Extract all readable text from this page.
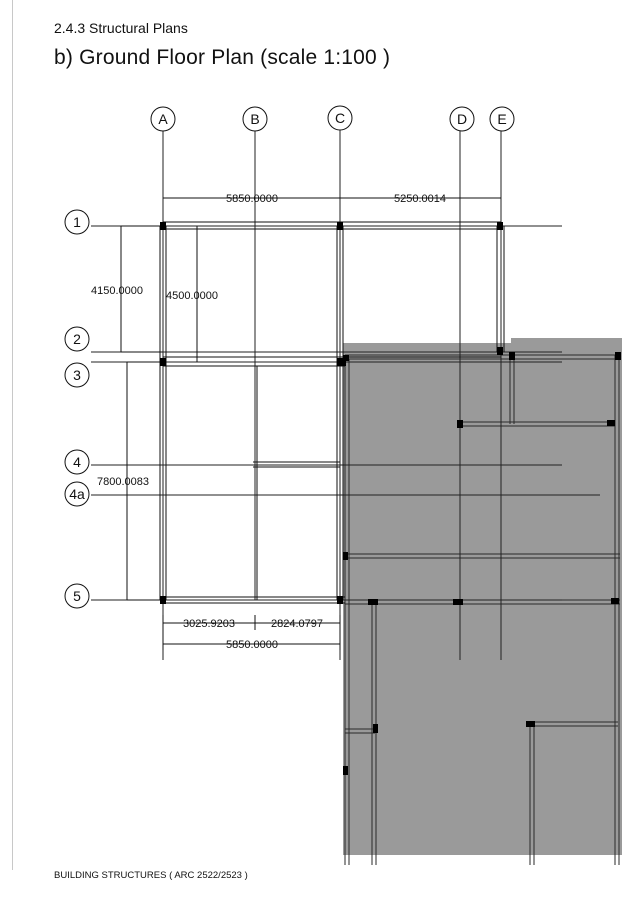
2.4.3 Structural Plans
b) Ground Floor Plan (scale 1:100 )
A	B	C	D E
1
2
3
4
4a
5
5850.0000	5250.0014
4150.0000 4500.0000
7800.0083
3025.9203	2824.0797
5850.0000
BUILDING STRUCTURES ( ARC 2522/2523 )
